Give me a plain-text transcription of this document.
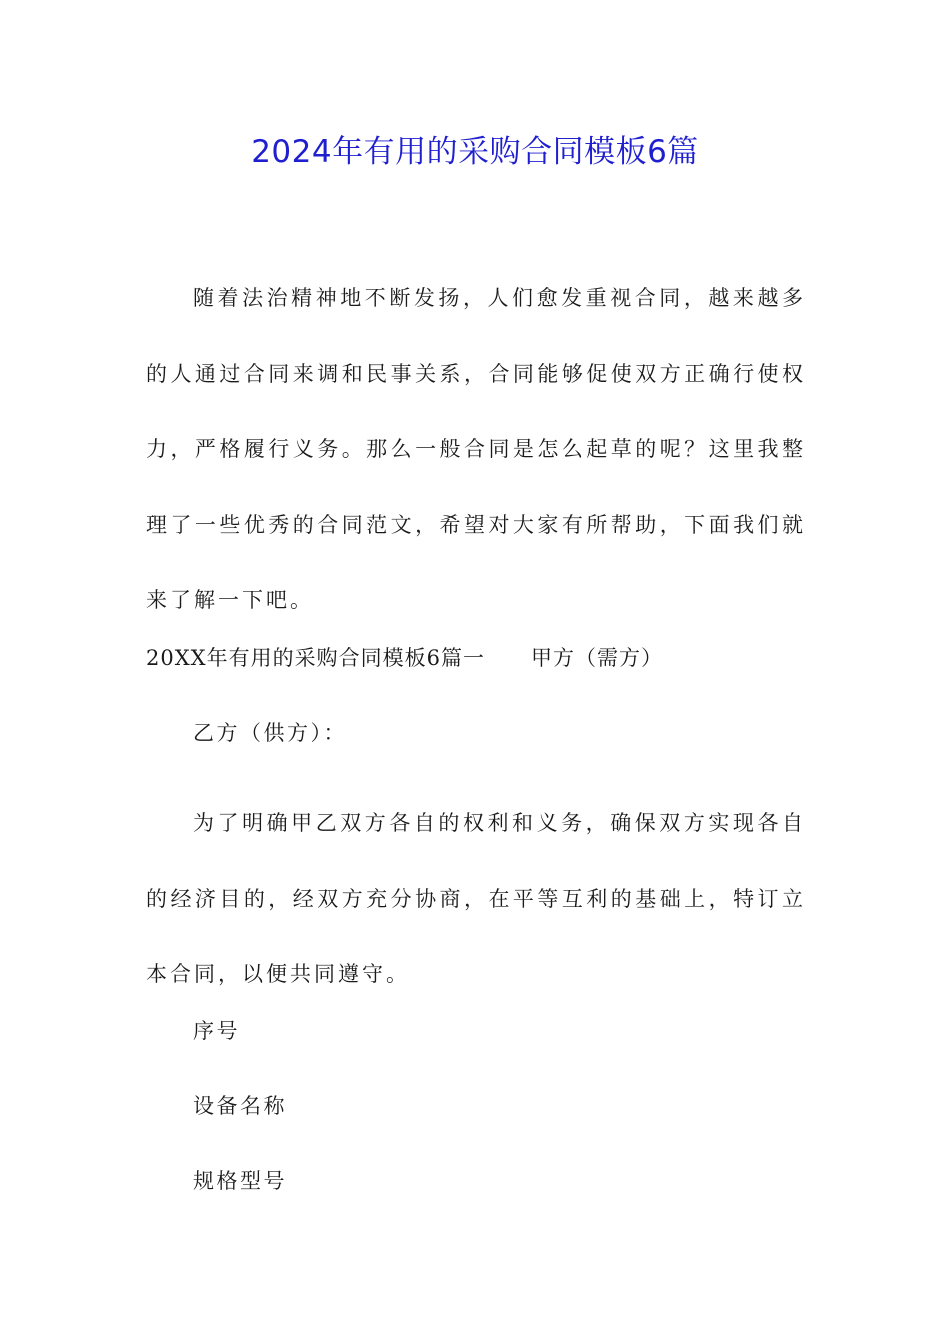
2024年有用的采购合同模板6篇

随着法治精神地不断发扬，人们愈发重视合同，越来越多的人通过合同来调和民事关系，合同能够促使双方正确行使权力，严格履行义务。那么一般合同是怎么起草的呢？这里我整理了一些优秀的合同范文，希望对大家有所帮助，下面我们就来了解一下吧。

20XX年有用的采购合同模板6篇一 甲方（需方）

乙方（供方）：

为了明确甲乙双方各自的权利和义务，确保双方实现各自的经济目的，经双方充分协商，在平等互利的基础上，特订立本合同，以便共同遵守。

序号

设备名称

规格型号
